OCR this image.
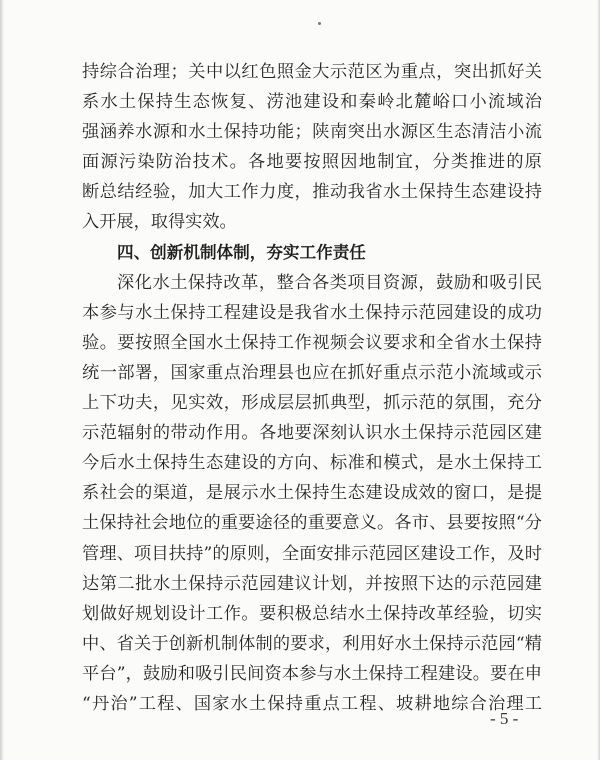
持综合治理；关中以红色照金大示范区为重点，突出抓好关
系水土保持生态恢复、涝池建设和秦岭北麓峪口小流域治
强涵养水源和水土保持功能；陕南突出水源区生态清洁小流
面源污染防治技术。各地要按照因地制宜，分类推进的原
断总结经验，加大工作力度，推动我省水土保持生态建设持
入开展，取得实效。
四、创新机制体制，夯实工作责任
深化水土保持改革，整合各类项目资源，鼓励和吸引民
本参与水土保持工程建设是我省水土保持示范园建设的成功
验。要按照全国水土保持工作视频会议要求和全省水土保持
统一部署，国家重点治理县也应在抓好重点示范小流域或示
上下功夫，见实效，形成层层抓典型，抓示范的氛围，充分
示范辐射的带动作用。各地要深刻认识水土保持示范园区建
今后水土保持生态建设的方向、标准和模式，是水土保持工
系社会的渠道，是展示水土保持生态建设成效的窗口，是提
土保持社会地位的重要途径的重要意义。各市、县要按照“分
管理、项目扶持”的原则，全面安排示范园区建设工作，及时
达第二批水土保持示范园建议计划，并按照下达的示范园建
划做好规划设计工作。要积极总结水土保持改革经验，切实
中、省关于创新机制体制的要求，利用好水土保持示范园“精
平台”，鼓励和吸引民间资本参与水土保持工程建设。要在申
“丹治”工程、国家水土保持重点工程、坡耕地综合治理工
- 5 -
